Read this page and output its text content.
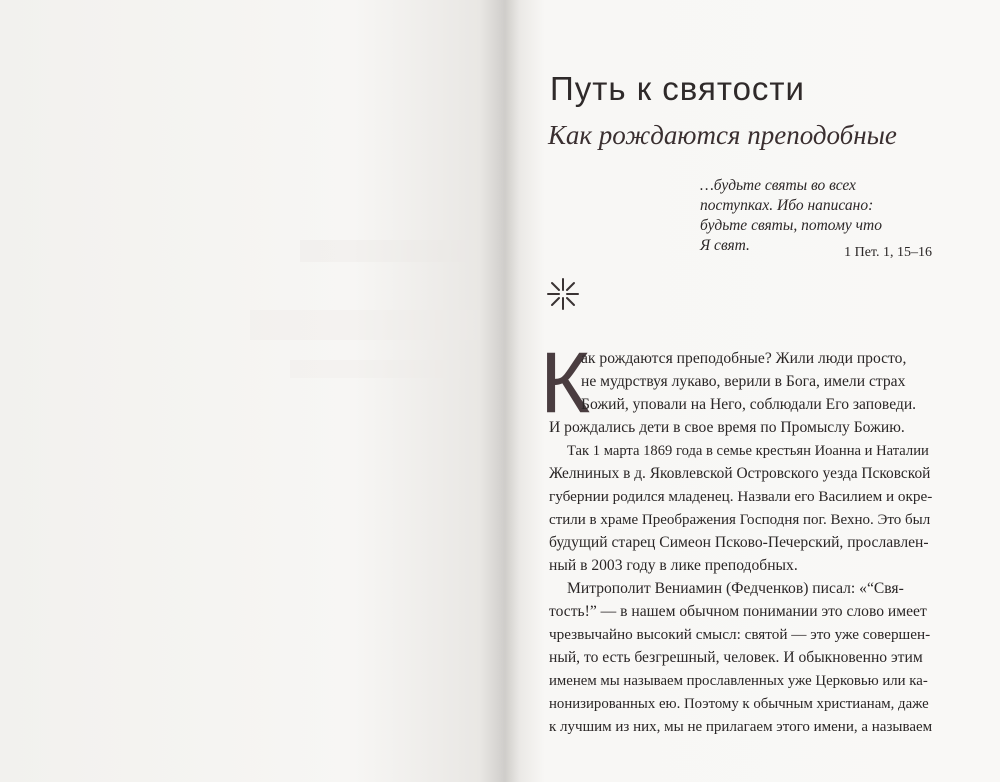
Путь к святости
Как рождаются преподобные
…будьте святы во всех
поступках. Ибо написано:
будьте святы, потому что
Я свят.	1 Пет. 1, 15–16
К
ак рождаются преподобные? Жили люди просто,
не мудрствуя лукаво, верили в Бога, имели страх
Божий, уповали на Него, соблюдали Его заповеди.
И рождались дети в свое время по Промыслу Божию.
Так 1 марта 1869 года в семье крестьян Иоанна и Наталии
Желниных в д. Яковлевской Островского уезда Псковской
губернии родился младенец. Назвали его Василием и окре-
стили в храме Преображения Господня пог. Вехно. Это был
будущий старец Симеон Псково-Печерский, прославлен-
ный в 2003 году в лике преподобных.
Митрополит Вениамин (Федченков) писал: «“Свя-
тость!” — в нашем обычном понимании это слово имеет
чрезвычайно высокий смысл: святой — это уже совершен-
ный, то есть безгрешный, человек. И обыкновенно этим
именем мы называем прославленных уже Церковью или ка-
нонизированных ею. Поэтому к обычным христианам, даже
к лучшим из них, мы не прилагаем этого имени, а называем
